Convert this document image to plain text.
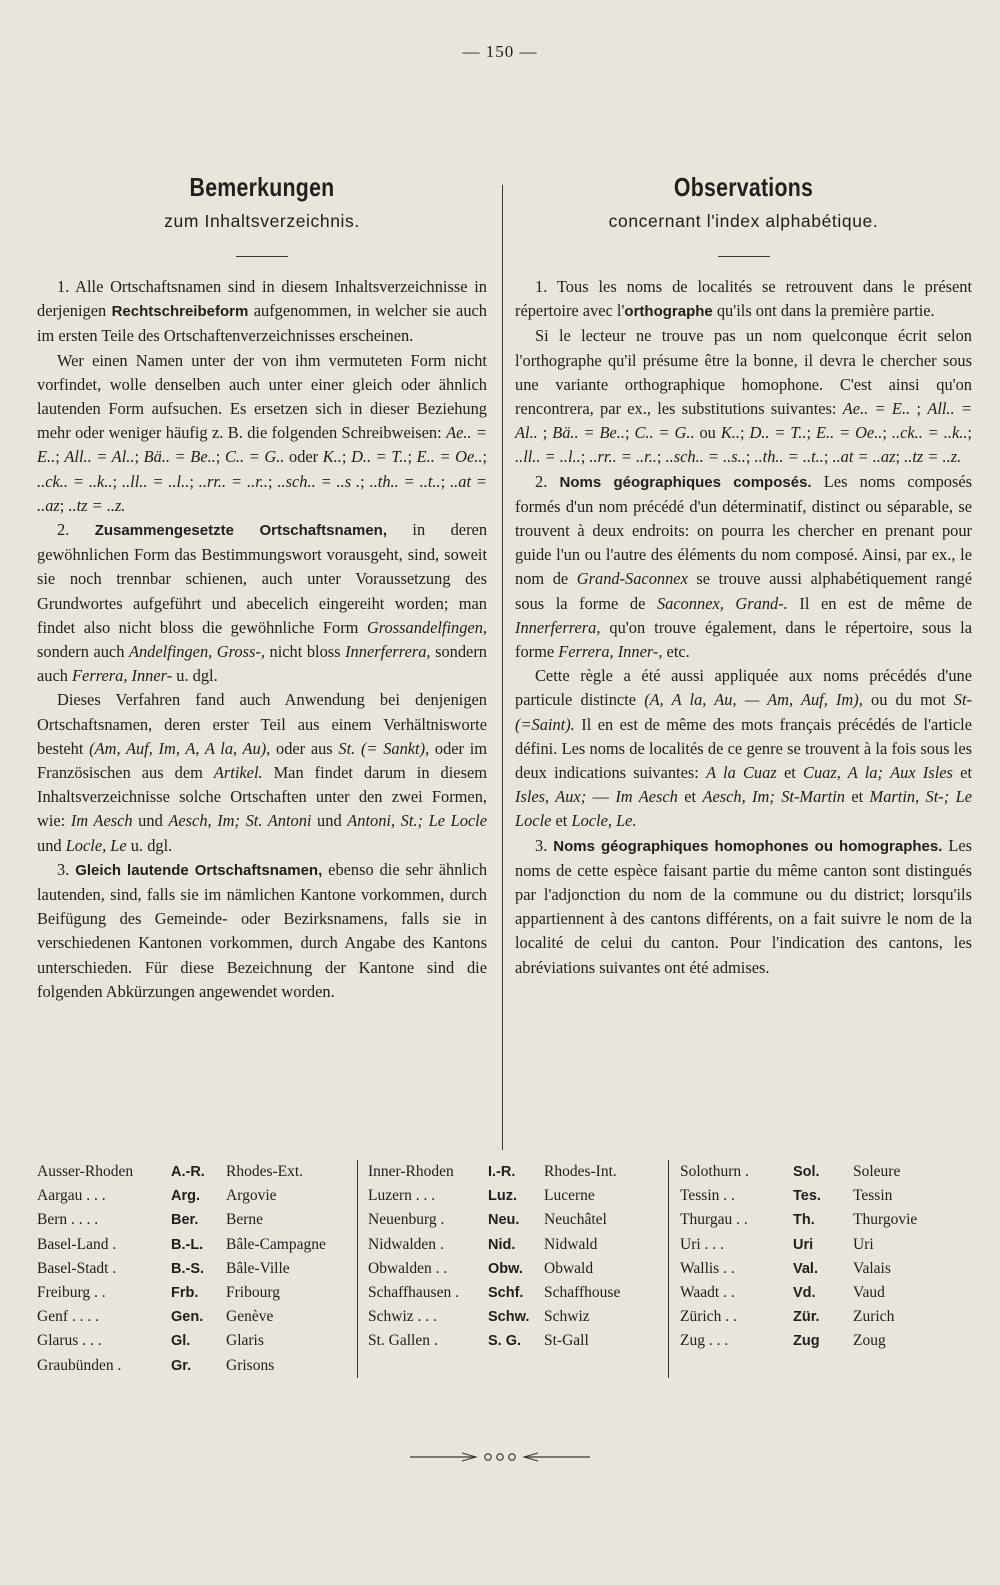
— 150 —
Bemerkungen

zum Inhaltsverzeichnis.

1. Alle Ortschaftsnamen sind in diesem Inhaltsverzeichnisse in derjenigen Rechtschreibeform aufgenommen, in welcher sie auch im ersten Teile des Ortschaftenverzeichnisses erscheinen.

Wer einen Namen unter der von ihm vermuteten Form nicht vorfindet, wolle denselben auch unter einer gleich oder ähnlich lautenden Form aufsuchen. Es ersetzen sich in dieser Beziehung mehr oder weniger häufig z. B. die folgenden Schreibweisen: Ae.. = E..; All.. = Al..; Bä.. = Be..; C.. = G.. oder K..; D.. = T..; E.. = Oe..; ..ck.. = ..k..; ..ll.. = ..l..; ..rr.. = ..r..; ..sch.. = ..s .; ..th.. = ..t..; ..at = ..az; ..tz = ..z.

2. Zusammengesetzte Ortschaftsnamen, in deren gewöhnlichen Form das Bestimmungswort vorausgeht, sind, soweit sie noch trennbar schienen, auch unter Voraussetzung des Grundwortes aufgeführt und abecelich eingereiht worden; man findet also nicht bloss die gewöhnliche Form Grossandelfingen, sondern auch Andelfingen, Gross-, nicht bloss Innerferrera, sondern auch Ferrera, Inner- u. dgl.

Dieses Verfahren fand auch Anwendung bei denjenigen Ortschaftsnamen, deren erster Teil aus einem Verhältnisworte besteht (Am, Auf, Im, A, A la, Au), oder aus St. (= Sankt), oder im Französischen aus dem Artikel. Man findet darum in diesem Inhaltsverzeichnisse solche Ortschaften unter den zwei Formen, wie: Im Aesch und Aesch, Im; St. Antoni und Antoni, St.; Le Locle und Locle, Le u. dgl.

3. Gleich lautende Ortschaftsnamen, ebenso die sehr ähnlich lautenden, sind, falls sie im nämlichen Kantone vorkommen, durch Beifügung des Gemeinde- oder Bezirksnamens, falls sie in verschiedenen Kantonen vorkommen, durch Angabe des Kantons unterschieden. Für diese Bezeichnung der Kantone sind die folgenden Abkürzungen angewendet worden.

Observations

concernant l'index alphabétique.

1. Tous les noms de localités se retrouvent dans le présent répertoire avec l'orthographe qu'ils ont dans la première partie.

Si le lecteur ne trouve pas un nom quelconque écrit selon l'orthographe qu'il présume être la bonne, il devra le chercher sous une variante orthographique homophone. C'est ainsi qu'on rencontrera, par ex., les substitutions suivantes: Ae.. = E.. ; All.. = Al.. ; Bä.. = Be..; C.. = G.. ou K..; D.. = T..; E.. = Oe..; ..ck.. = ..k..; ..ll.. = ..l..; ..rr.. = ..r..; ..sch.. = ..s..; ..th.. = ..t..; ..at = ..az; ..tz = ..z.

2. Noms géographiques composés. Les noms composés formés d'un nom précédé d'un déterminatif, distinct ou séparable, se trouvent à deux endroits: on pourra les chercher en prenant pour guide l'un ou l'autre des éléments du nom composé. Ainsi, par ex., le nom de Grand-Saconnex se trouve aussi alphabétiquement rangé sous la forme de Saconnex, Grand-. Il en est de même de Innerferrera, qu'on trouve également, dans le répertoire, sous la forme Ferrera, Inner-, etc.

Cette règle a été aussi appliquée aux noms précédés d'une particule distincte (A, A la, Au, — Am, Auf, Im), ou du mot St- (=Saint). Il en est de même des mots français précédés de l'article défini. Les noms de localités de ce genre se trouvent à la fois sous les deux indications suivantes: A la Cuaz et Cuaz, A la; Aux Isles et Isles, Aux; — Im Aesch et Aesch, Im; St-Martin et Martin, St-; Le Locle et Locle, Le.

3. Noms géographiques homophones ou homographes. Les noms de cette espèce faisant partie du même canton sont distingués par l'adjonction du nom de la commune ou du district; lorsqu'ils appartiennent à des cantons différents, on a fait suivre le nom de la localité de celui du canton. Pour l'indication des cantons, les abréviations suivantes ont été admises.

Ausser-Rhoden	A.-R.	Rhodes-Ext.
Aargau . . .	Arg.	Argovie
Bern . . . .	Ber.	Berne
Basel-Land .	B.-L.	Bâle-Campagne
Basel-Stadt .	B.-S.	Bâle-Ville
Freiburg . .	Frb.	Fribourg
Genf . . . .	Gen.	Genève
Glarus . . .	Gl.	Glaris
Graubünden .	Gr.	Grisons
Inner-Rhoden	I.-R.	Rhodes-Int.
Luzern . . .	Luz.	Lucerne
Neuenburg .	Neu.	Neuchâtel
Nidwalden .	Nid.	Nidwald
Obwalden . .	Obw.	Obwald
Schaffhausen .	Schf.	Schaffhouse
Schwiz . . .	Schw. Schwiz
St. Gallen .	S. G.	St-Gall
Solothurn .	Sol.	Soleure
Tessin . .	Tes.	Tessin
Thurgau . .	Th.	Thurgovie
Uri . . .	Uri	Uri
Wallis . .	Val.	Valais
Waadt . .	Vd.	Vaud
Zürich . .	Zür.	Zurich
Zug . . .	Zug	Zoug
